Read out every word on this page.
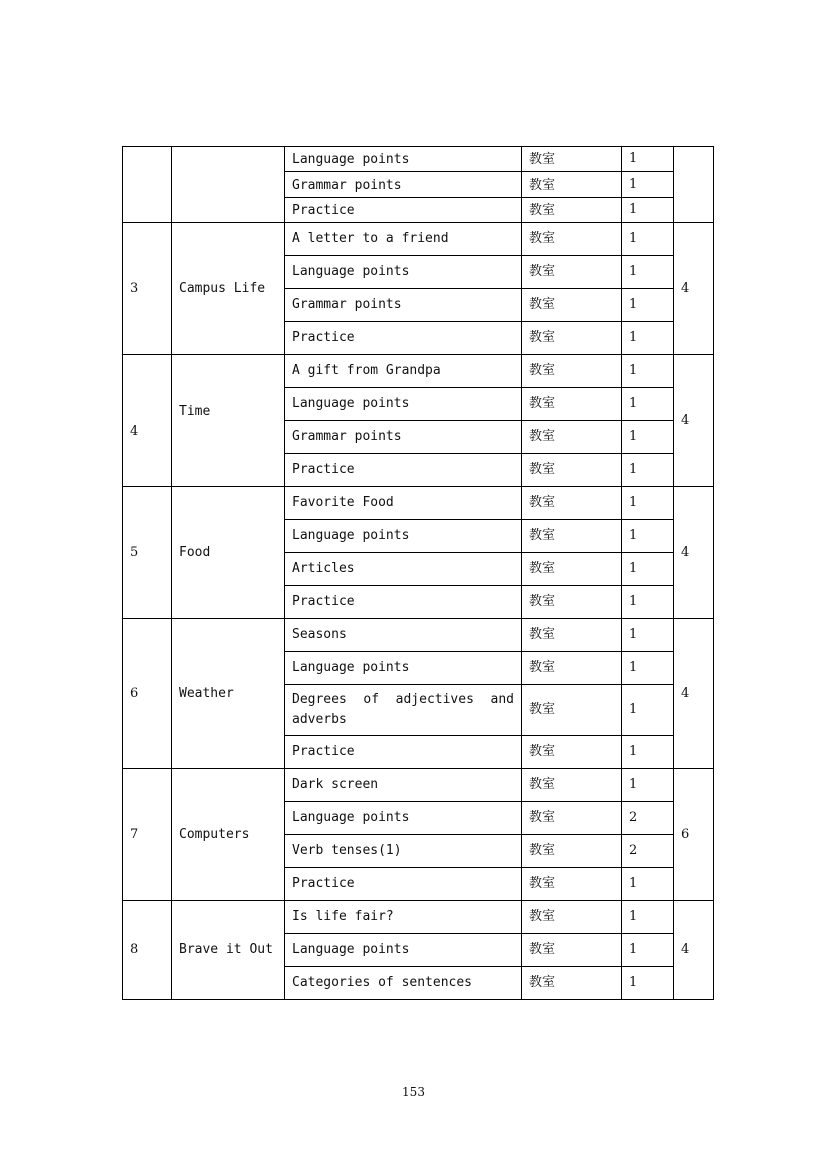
		Language points	教室	1	
		Grammar points	教室	1	
		Practice	教室	1	
3	Campus Life	A letter to a friend	教室	1	4
		Language points	教室	1	
		Grammar points	教室	1	
		Practice	教室	1	
4	Time	A gift from Grandpa	教室	1	4
		Language points	教室	1	
		Grammar points	教室	1	
		Practice	教室	1	
5	Food	Favorite Food	教室	1	4
		Language points	教室	1	
		Articles	教室	1	
		Practice	教室	1	
6	Weather	Seasons	教室	1	4
		Language points	教室	1	
		Degrees of adjectives and adverbs	教室	1	
		Practice	教室	1	
7	Computers	Dark screen	教室	1	6
		Language points	教室	2	
		Verb tenses(1)	教室	2	
		Practice	教室	1	
8	Brave it Out	Is life fair?	教室	1	4
		Language points	教室	1	
		Categories of sentences	教室	1	
153
